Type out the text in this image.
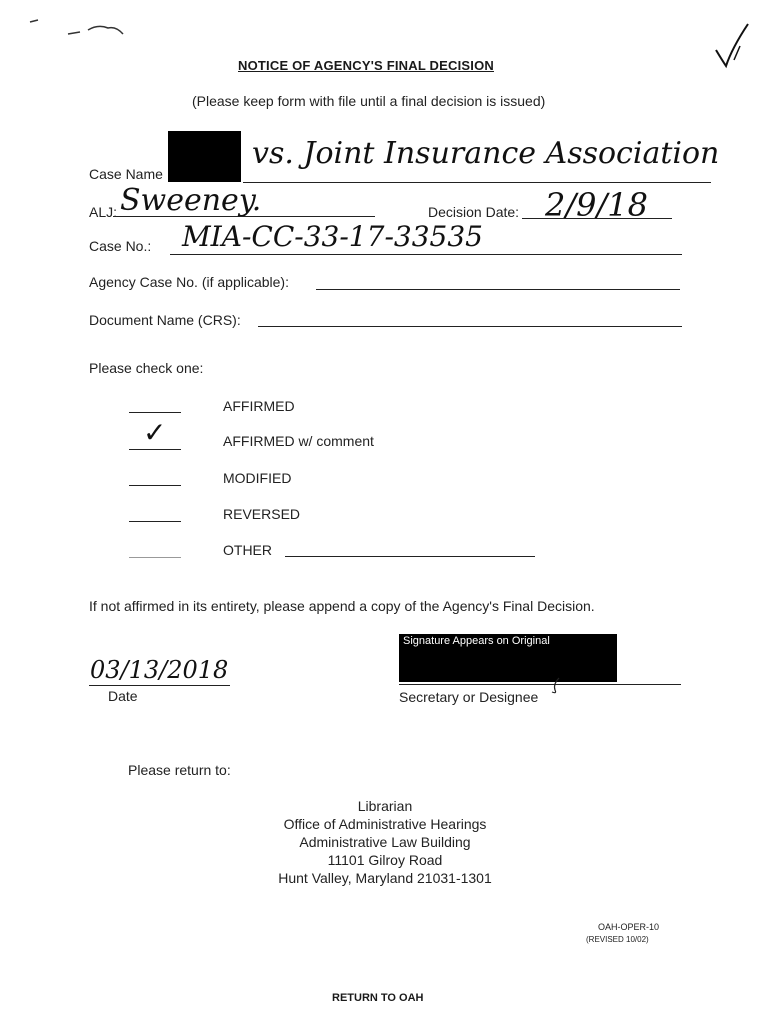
NOTICE OF AGENCY'S FINAL DECISION
(Please keep form with file until a final decision is issued)
Case Name
vs. Joint Insurance Association
ALJ: Sweeney.	Decision Date: 2/9/18
Case No.: MIA-CC-33-17-33535
Agency Case No. (if applicable):
Document Name (CRS):
Please check one:
AFFIRMED
✓	AFFIRMED w/ comment
MODIFIED
REVERSED
OTHER
If not affirmed in its entirety, please append a copy of the Agency's Final Decision.
Signature Appears on Original
Secretary or Designee
03/13/2018
Date
Please return to:
Librarian
Office of Administrative Hearings
Administrative Law Building
11101 Gilroy Road
Hunt Valley, Maryland 21031-1301
OAH-OPER-10
(REVISED 10/02)
RETURN TO OAH
